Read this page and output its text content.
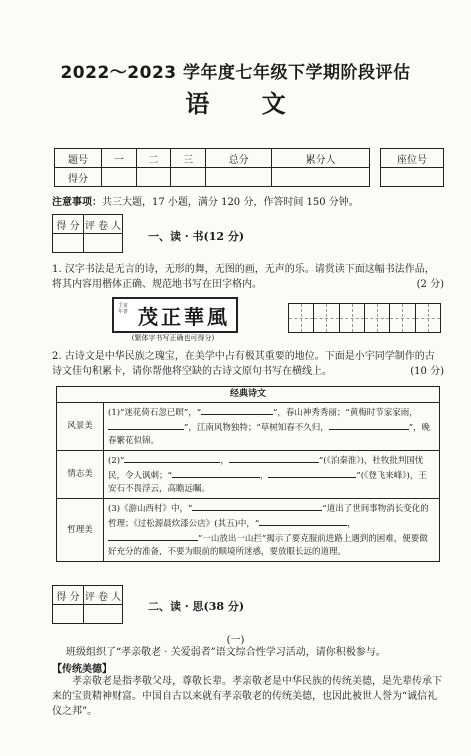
2022～2023 学年度七年级下学期阶段评估
语 文
题号	一	二	三	总分	累分人
得分					
座位号

注意事项：共三大题，17 小题，满分 120 分，作答时间 150 分钟。
得 分	评 卷 人

一、读 · 书(12 分)
1. 汉字书法是无言的诗，无形的舞，无图的画，无声的乐。请赏读下面这幅书法作品，将其内容用楷体正确、规范地书写在田字格内。	(2 分)
壬寅年書 茂正華風
(繁体字书写正确也可得分)
2. 古诗文是中华民族之瑰宝，在美学中占有极其重要的地位。下面是小宇同学制作的古诗文佳句积累卡，请你帮他将空缺的古诗文原句书写在横线上。	(10 分)
经典诗文	
风景美	(1)“迷花倚石忽已暝”，“ ”，春山神秀秀丽；“黄梅时节家家雨，”，江南风物独特；“草树知春不久归， ”，晚春繁花似锦。
情志美	(2)“ ， ”(《泊秦淮》)，杜牧批判国忧民，令人讽刺；“ ， ”(《登飞来峰》)，王安石不畏浮云，高瞻远瞩。
哲理美	(3)《游山西村》中，“ ”道出了世间事物消长变化的哲理；《过松源晨炊漆公店》(其五)中，“ ，”一山放出一山拦”揭示了要克服前进路上遇到的困难，便要做好充分的准备，不要为眼前的顺境所迷惑，要放眼长远的道理。
得 分	评 卷 人

二、读 · 思(38 分)
(一)
班级组织了“孝亲敬老 · 关爱弱者”语文综合性学习活动，请你积极参与。
【传统美德】
孝亲敬老是指孝敬父母，尊敬长辈。孝亲敬老是中华民族的传统美德，是先辈传承下来的宝贵精神财富。中国自古以来就有孝亲敬老的传统美德，也因此被世人誉为“诚信礼仪之邦”。
